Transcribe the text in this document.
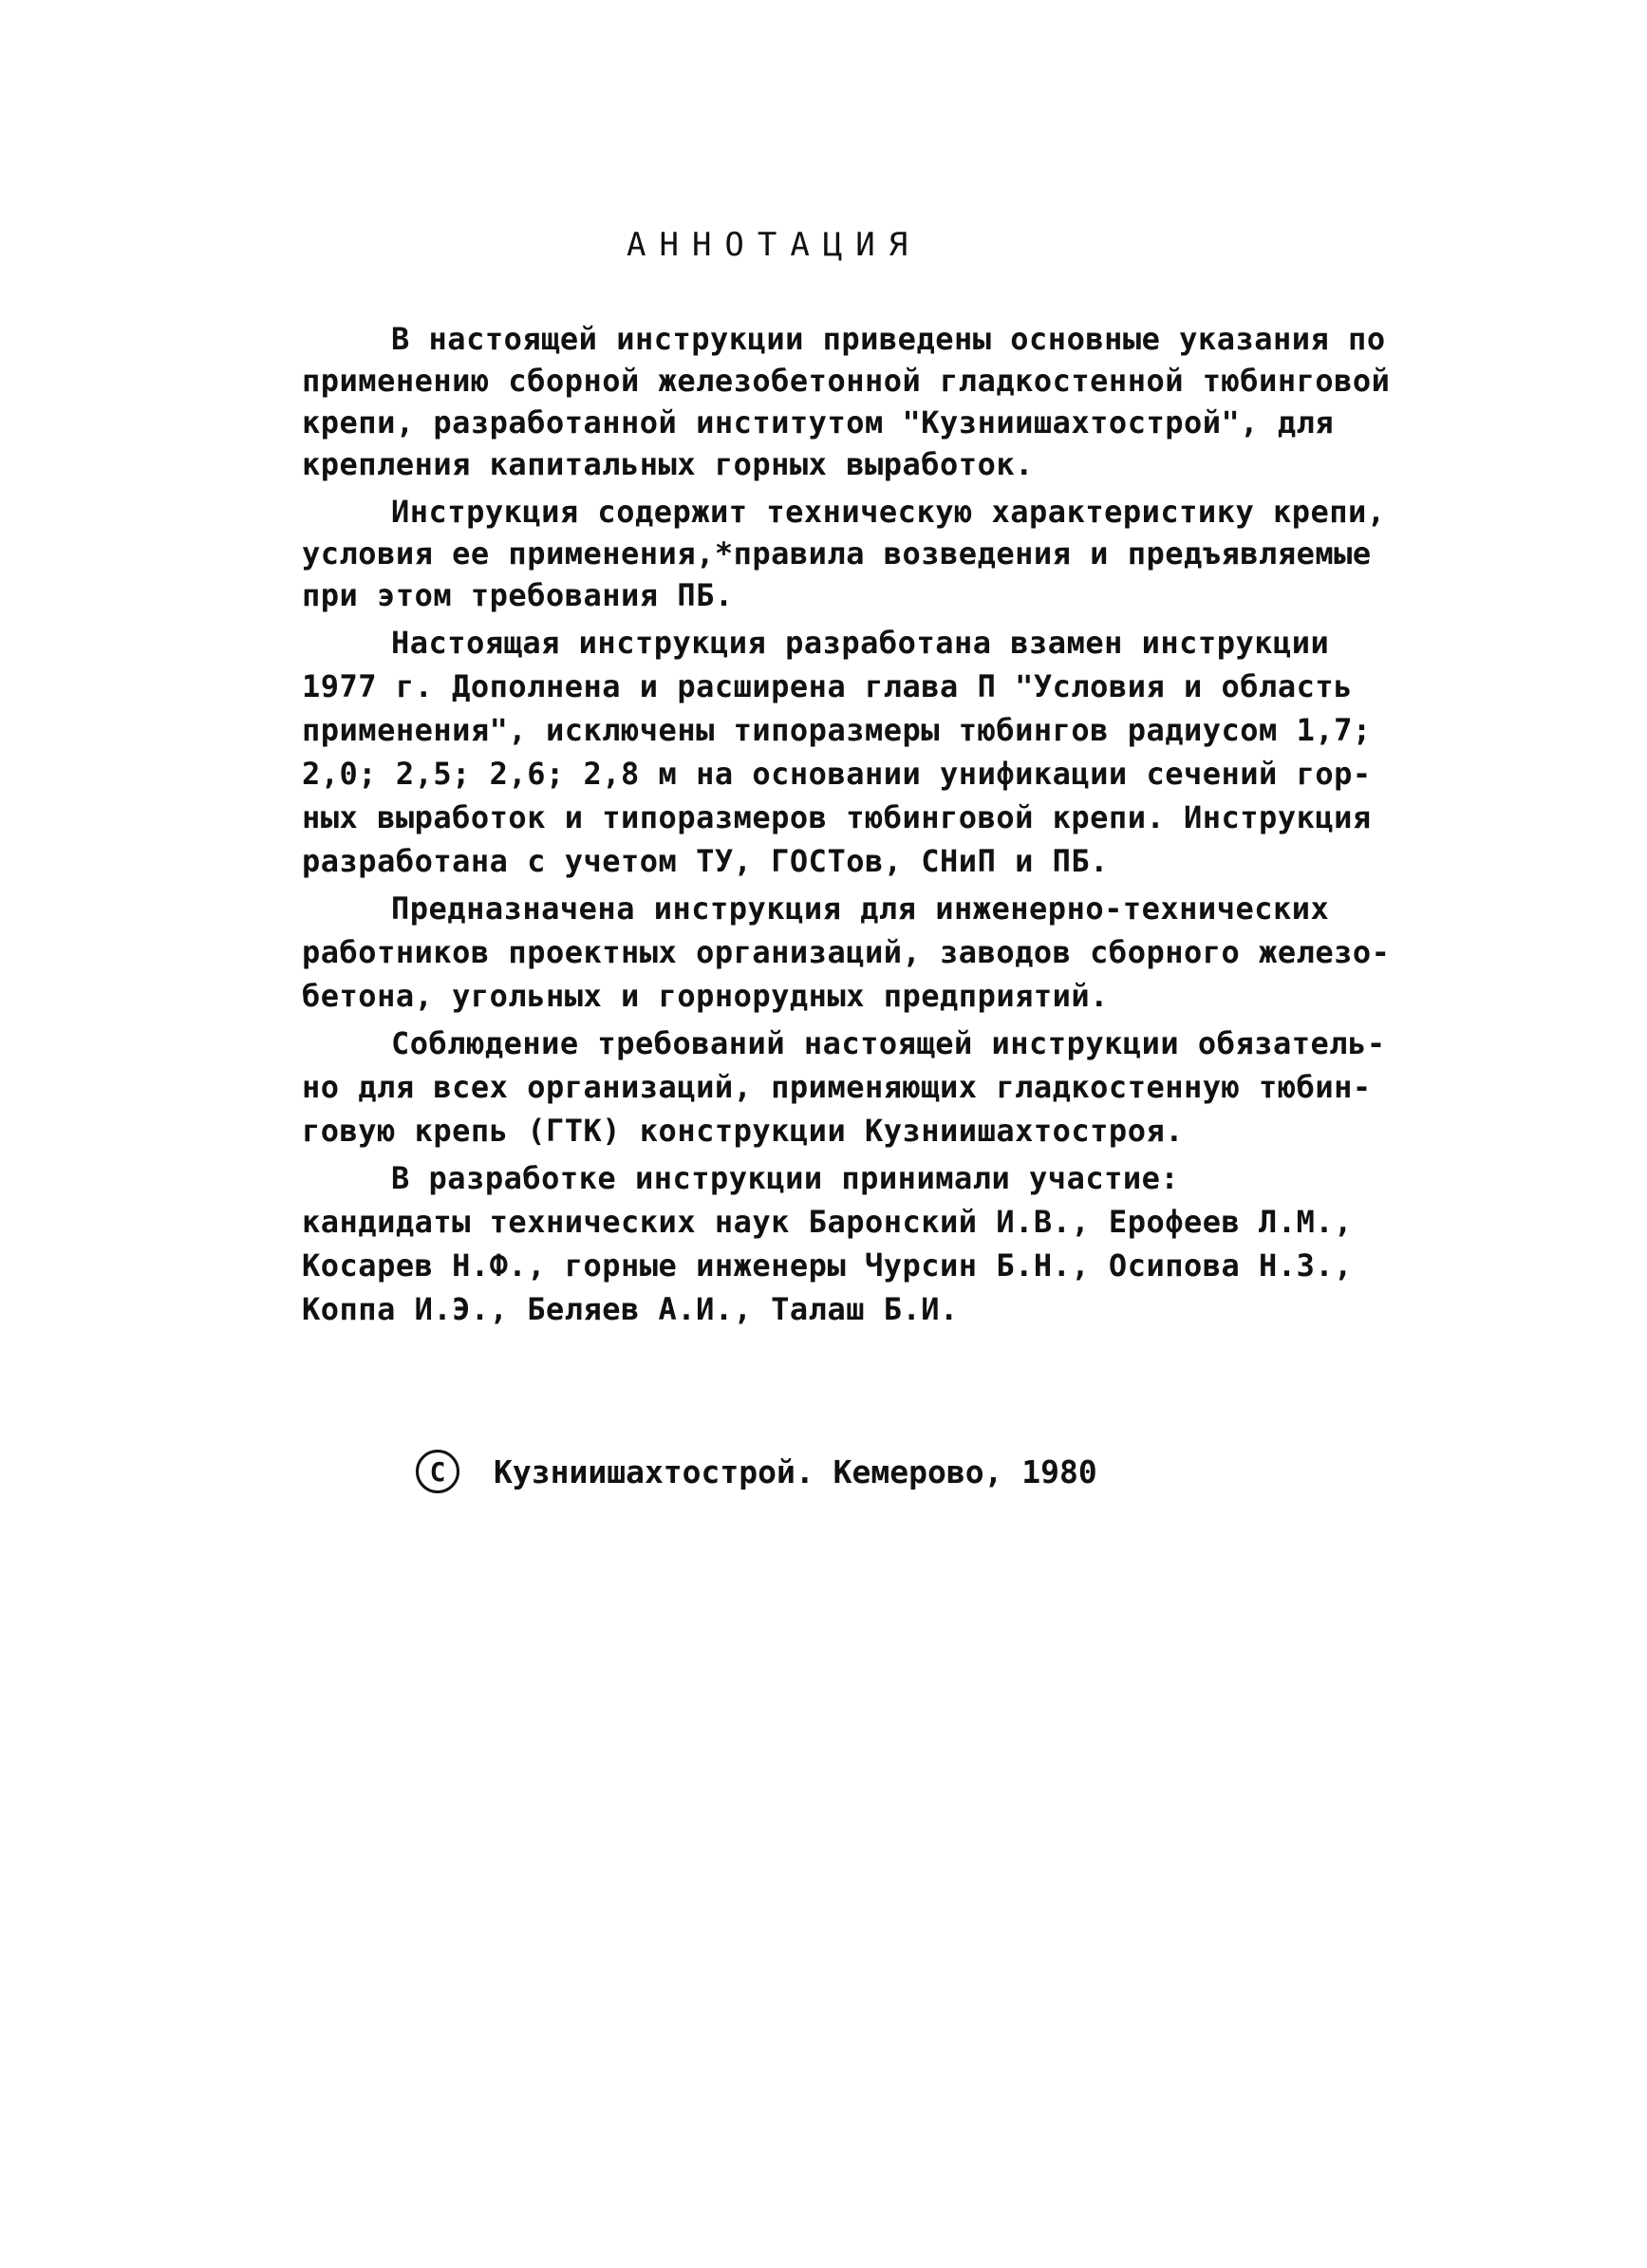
АННОТАЦИЯ
В настоящей инструкции приведены основные указания по
применению сборной железобетонной гладкостенной тюбинговой
крепи, разработанной институтом "Кузниишахтострой", для
крепления капитальных горных выработок.
Инструкция содержит техническую характеристику крепи,
условия ее применения,*правила возведения и предъявляемые
при этом требования ПБ.
Настоящая инструкция разработана взамен инструкции
1977 г. Дополнена и расширена глава П "Условия и область
применения", исключены типоразмеры тюбингов радиусом 1,7;
2,0; 2,5; 2,6; 2,8 м на основании унификации сечений гор-
ных выработок и типоразмеров тюбинговой крепи. Инструкция
разработана с учетом ТУ, ГОСТов, СНиП и ПБ.
Предназначена инструкция для инженерно-технических
работников проектных организаций, заводов сборного железо-
бетона, угольных и горнорудных предприятий.
Соблюдение требований настоящей инструкции обязатель-
но для всех организаций, применяющих гладкостенную тюбин-
говую крепь (ГТК) конструкции Кузниишахтостроя.
В разработке инструкции принимали участие:
кандидаты технических наук Баронский И.В., Ерофеев Л.М.,
Косарев Н.Ф., горные инженеры Чурсин Б.Н., Осипова Н.З.,
Коппа И.Э., Беляев А.И., Талаш Б.И.
С	Кузниишахтострой. Кемерово, 1980
